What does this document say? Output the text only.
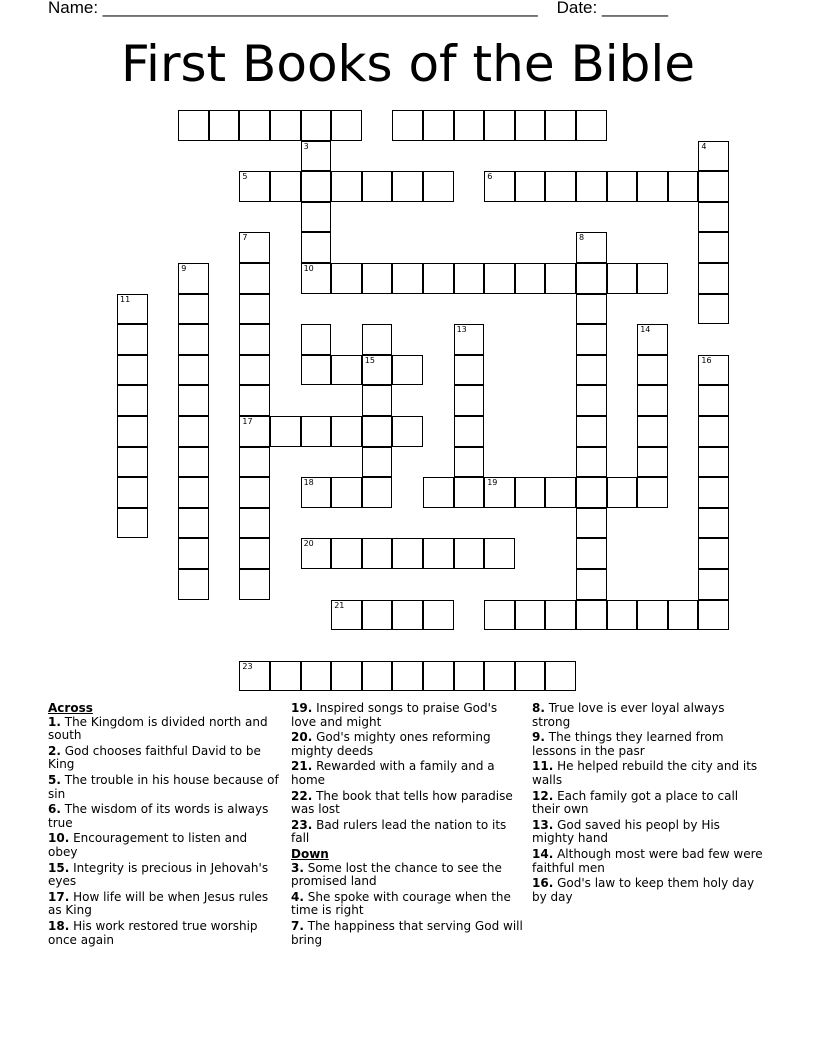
Name: ______________________________________________    Date: _______
First Books of the Bible
3	4
5	6
7	8
9	10
11
13	14
15	16
17
18	19
20
21
23
Across
1. The Kingdom is divided north and south
2. God chooses faithful David to be King
5. The trouble in his house because of sin
6. The wisdom of its words is always true
10. Encouragement to listen and obey
15. Integrity is precious in Jehovah's eyes
17. How life will be when Jesus rules as King
18. His work restored true worship once again
19. Inspired songs to praise God's love and might
20. God's mighty ones reforming mighty deeds
21. Rewarded with a family and a home
22. The book that tells how paradise was lost
23. Bad rulers lead the nation to its fall
Down
3. Some lost the chance to see the promised land
4. She spoke with courage when the time is right
7. The happiness that serving God will bring
8. True love is ever loyal always strong
9. The things they learned from lessons in the pasr
11. He helped rebuild the city and its walls
12. Each family got a place to call their own
13. God saved his peopl by His mighty hand
14. Although most were bad few were faithful men
16. God's law to keep them holy day by day
